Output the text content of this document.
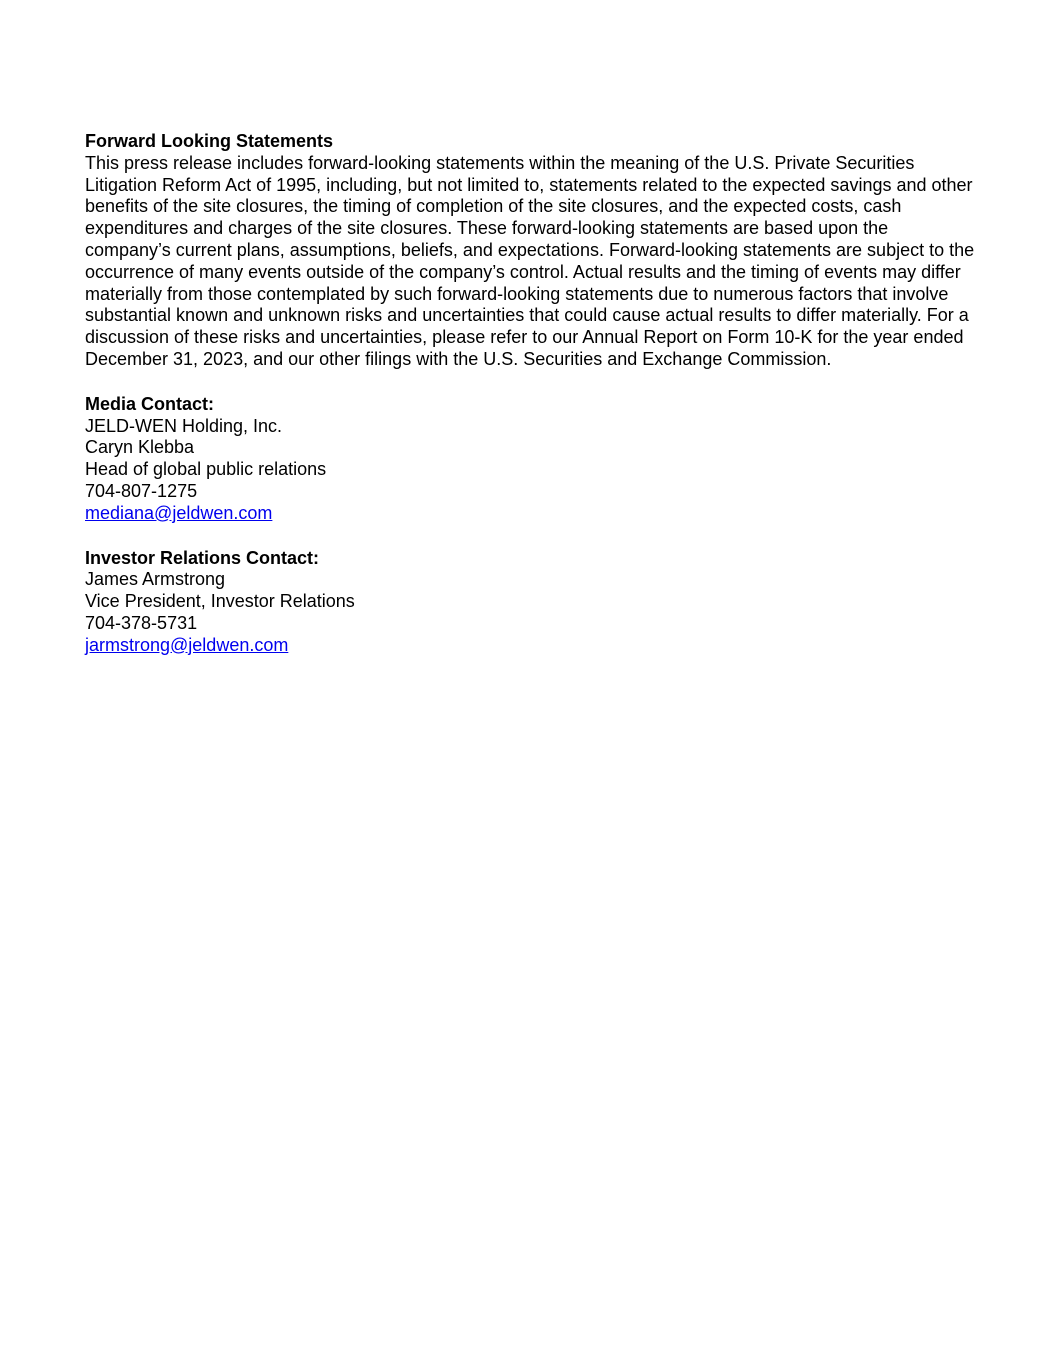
Forward Looking Statements

This press release includes forward-looking statements within the meaning of the U.S. Private Securities Litigation Reform Act of 1995, including, but not limited to, statements related to the expected savings and other benefits of the site closures, the timing of completion of the site closures, and the expected costs, cash expenditures and charges of the site closures. These forward-looking statements are based upon the company’s current plans, assumptions, beliefs, and expectations. Forward-looking statements are subject to the occurrence of many events outside of the company’s control. Actual results and the timing of events may differ materially from those contemplated by such forward-looking statements due to numerous factors that involve substantial known and unknown risks and uncertainties that could cause actual results to differ materially. For a discussion of these risks and uncertainties, please refer to our Annual Report on Form 10-K for the year ended December 31, 2023, and our other filings with the U.S. Securities and Exchange Commission.

Media Contact:

JELD-WEN Holding, Inc.

Caryn Klebba

Head of global public relations

704-807-1275

mediana@jeldwen.com

Investor Relations Contact:

James Armstrong

Vice President, Investor Relations

704-378-5731

jarmstrong@jeldwen.com
